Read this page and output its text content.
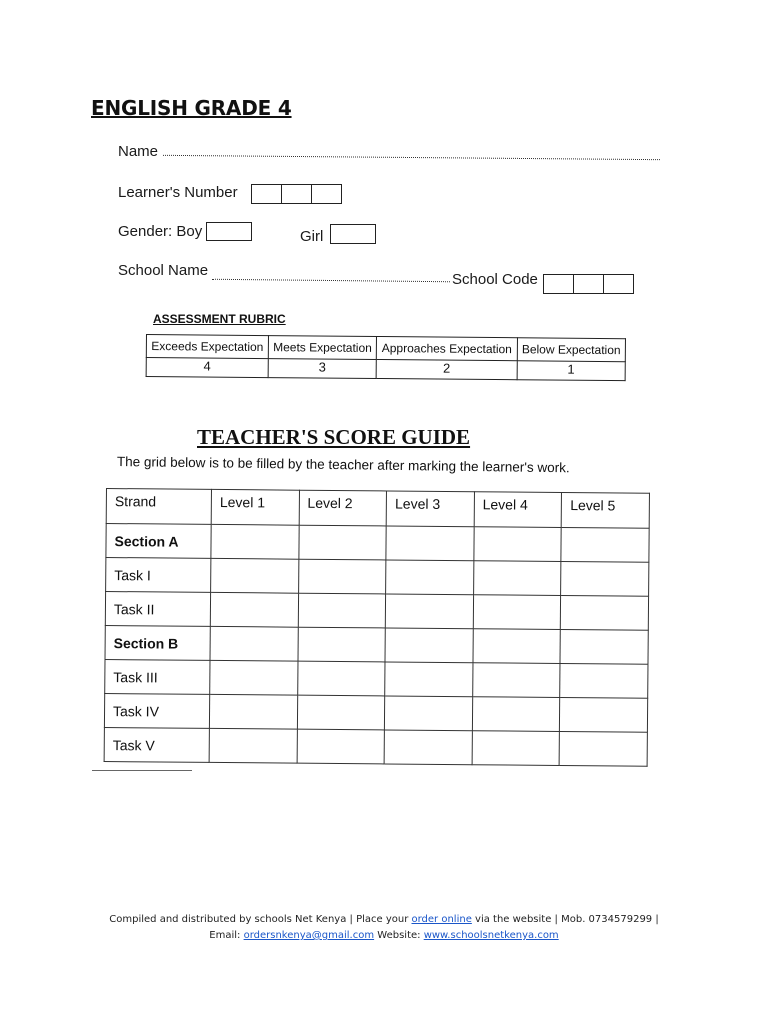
ENGLISH GRADE 4
Name
Learner's Number
Gender: Boy	Girl
School Name
School Code
ASSESSMENT RUBRIC
Exceeds Expectation	Meets Expectation	Approaches Expectation	Below Expectation
4	3	2	1
TEACHER'S SCORE GUIDE
The grid below is to be filled by the teacher after marking the learner's work.
Strand	Level 1	Level 2	Level 3	Level 4	Level 5
Section A					
Task I					
Task II					
Section B					
Task III					
Task IV					
Task V					
Compiled and distributed by schools Net Kenya | Place your order online via the website | Mob. 0734579299 |
Email: ordersnkenya@gmail.com Website: www.schoolsnetkenya.com
